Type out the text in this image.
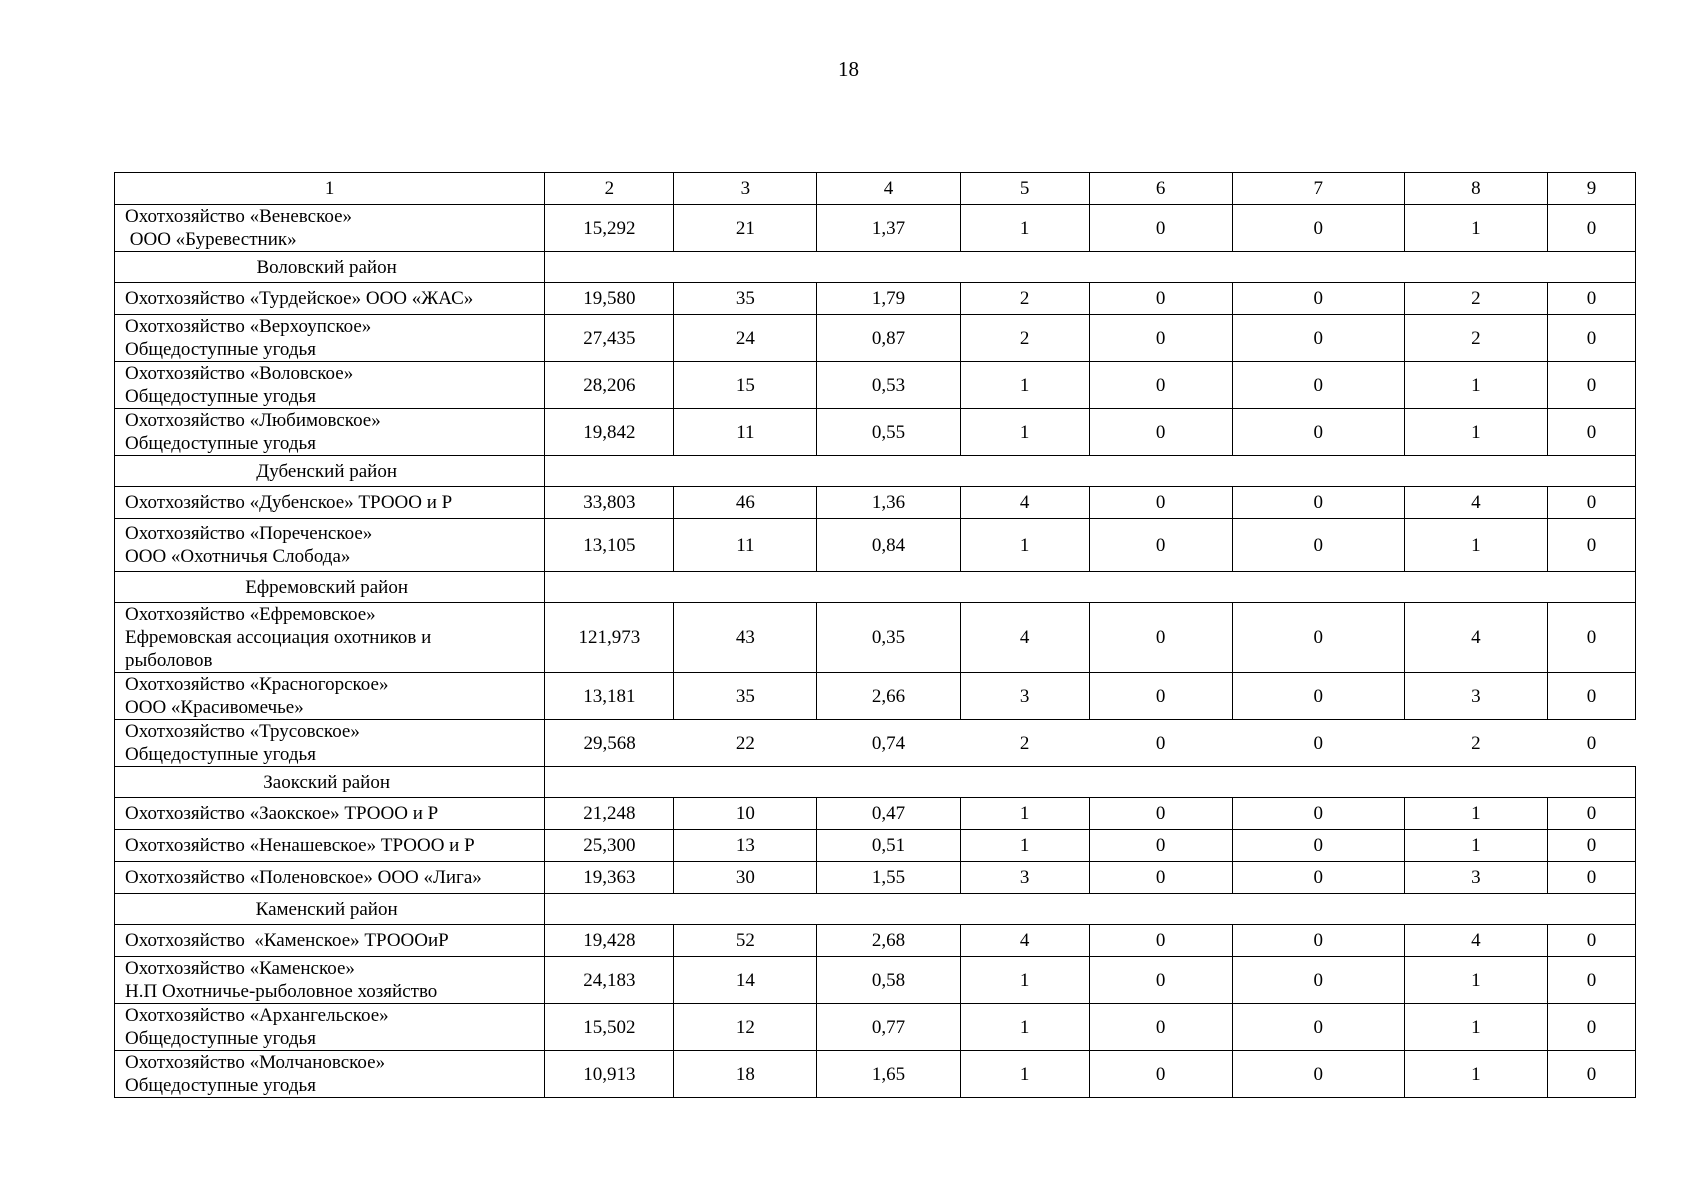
18
1	2	3	4	5	6	7	8	9

Охотхозяйство «Веневское»
ООО «Буревестник»	15,292	21	1,37	1	0	0	1	0
Воловский район								

Охотхозяйство «Турдейское» ООО «ЖАС»	19,580	35	1,79	2	0	0	2	0

Охотхозяйство «Верхоупское»
Общедоступные угодья	27,435	24	0,87	2	0	0	2	0

Охотхозяйство «Воловское»
Общедоступные угодья	28,206	15	0,53	1	0	0	1	0

Охотхозяйство «Любимовское»
Общедоступные угодья	19,842	11	0,55	1	0	0	1	0
Дубенский район								

Охотхозяйство «Дубенское» ТРООО и Р	33,803	46	1,36	4	0	0	4	0

Охотхозяйство «Пореченское»
ООО «Охотничья Слобода»	13,105	11	0,84	1	0	0	1	0
Ефремовский район								

Охотхозяйство «Ефремовское»
Ефремовская ассоциация охотников и
рыболовов	121,973	43	0,35	4	0	0	4	0

Охотхозяйство «Красногорское»
ООО «Красивомечье»	13,181	35	2,66	3	0	0	3	0

Охотхозяйство «Трусовское»
Общедоступные угодья	29,568	22	0,74	2	0	0	2	0
Заокский район								

Охотхозяйство «Заокское» ТРООО и Р	21,248	10	0,47	1	0	0	1	0

Охотхозяйство «Ненашевское» ТРООО и Р	25,300	13	0,51	1	0	0	1	0

Охотхозяйство «Поленовское» ООО «Лига»	19,363	30	1,55	3	0	0	3	0
Каменский район								

Охотхозяйство  «Каменское» ТРОООиР	19,428	52	2,68	4	0	0	4	0

Охотхозяйство «Каменское»
Н.П Охотничье-рыболовное хозяйство	24,183	14	0,58	1	0	0	1	0

Охотхозяйство «Архангельское»
Общедоступные угодья	15,502	12	0,77	1	0	0	1	0

Охотхозяйство «Молчановское»
Общедоступные угодья	10,913	18	1,65	1	0	0	1	0
